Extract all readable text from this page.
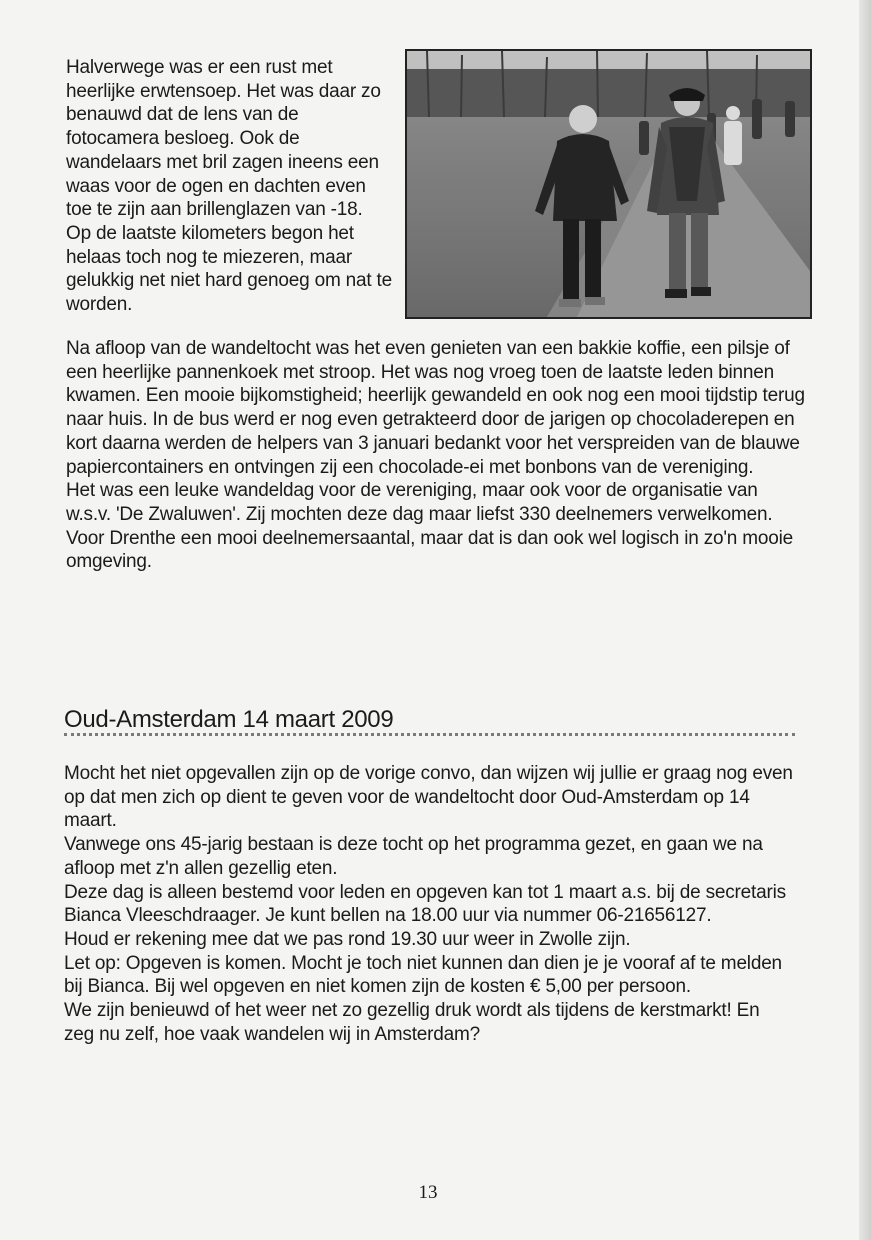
Halverwege was er een rust met heerlijke erwtensoep. Het was daar zo benauwd dat de lens van de fotocamera besloeg. Ook de wandelaars met bril zagen ineens een waas voor de ogen en dachten even toe te zijn aan brillenglazen van -18.
Op de laatste kilometers begon het helaas toch nog te miezeren, maar gelukkig net niet hard genoeg om nat te worden.

Na afloop van de wandeltocht was het even genieten van een bakkie koffie, een pilsje of een heerlijke pannenkoek met stroop. Het was nog vroeg toen de laatste leden binnen kwamen. Een mooie bijkomstigheid; heerlijk gewandeld en ook nog een mooi tijdstip terug naar huis. In de bus werd er nog even getrakteerd door de jarigen op chocoladerepen en kort daarna werden de helpers van 3 januari bedankt voor het verspreiden van de blauwe papiercontainers en ontvingen zij een chocolade-ei met bonbons van de vereniging.
Het was een leuke wandeldag voor de vereniging, maar ook voor de organisatie van w.s.v. 'De Zwaluwen'. Zij mochten deze dag maar liefst 330 deelnemers verwelkomen. Voor Drenthe een mooi deelnemersaantal, maar dat is dan ook wel logisch in zo'n mooie omgeving.

Oud-Amsterdam 14 maart 2009

Mocht het niet opgevallen zijn op de vorige convo, dan wijzen wij jullie er graag nog even op dat men zich op dient te geven voor de wandeltocht door Oud-Amsterdam op 14 maart.
Vanwege ons 45-jarig bestaan is deze tocht op het programma gezet, en gaan we na afloop met z'n allen gezellig eten.
Deze dag is alleen bestemd voor leden en opgeven kan tot 1 maart a.s. bij de secretaris Bianca Vleeschdraager. Je kunt bellen na 18.00 uur via nummer 06-21656127.
Houd er rekening mee dat we pas rond 19.30 uur weer in Zwolle zijn.
Let op: Opgeven is komen. Mocht je toch niet kunnen dan dien je je vooraf af te melden bij Bianca. Bij wel opgeven en niet komen zijn de kosten € 5,00 per persoon.
We zijn benieuwd of het weer net zo gezellig druk wordt als tijdens de kerstmarkt! En zeg nu zelf, hoe vaak wandelen wij in Amsterdam?

13
